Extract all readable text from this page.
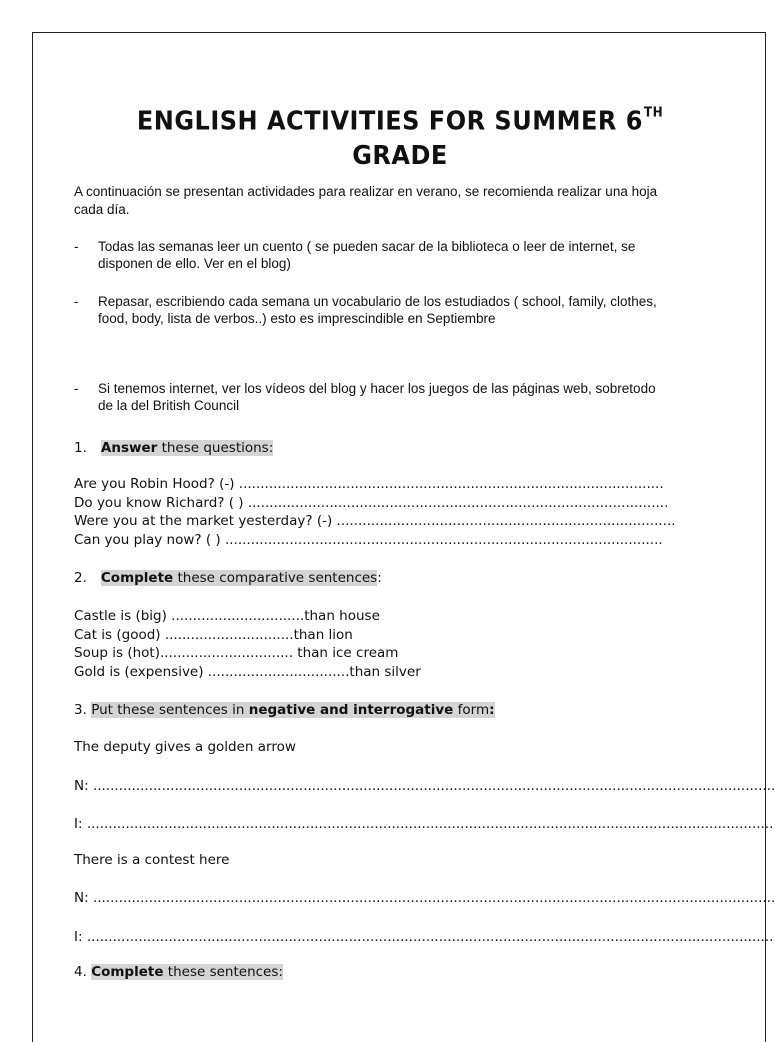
ENGLISH ACTIVITIES FOR SUMMER 6TH
GRADE
A continuación se presentan actividades para realizar en verano, se recomienda realizar una hoja cada día.
- Todas las semanas leer un cuento ( se pueden sacar de la biblioteca o leer de internet, se disponen de ello. Ver en el blog)
- Repasar, escribiendo cada semana un vocabulario de los estudiados ( school, family, clothes, food, body, lista de verbos..) esto es imprescindible en Septiembre
- Si tenemos internet, ver los vídeos del blog y hacer los juegos de las páginas web, sobretodo de la del British Council
1. Answer these questions:
Are you Robin Hood? (-) ...................................................................................................
Do you know Richard? ( ) ..................................................................................................
Were you at the market yesterday? (-) ...............................................................................
Can you play now? ( ) ......................................................................................................
2. Complete these comparative sentences:
Castle is (big) ...............................than house
Cat is (good) ..............................than lion
Soup is (hot)............................... than ice cream
Gold is (expensive) .................................than silver
3. Put these sentences in negative and interrogative form:
The deputy gives a golden arrow
N: ...............................................................................................................................................................
I: ................................................................................................................................................................
There is a contest here
N: ...............................................................................................................................................................
I: ................................................................................................................................................................
4. Complete these sentences:
